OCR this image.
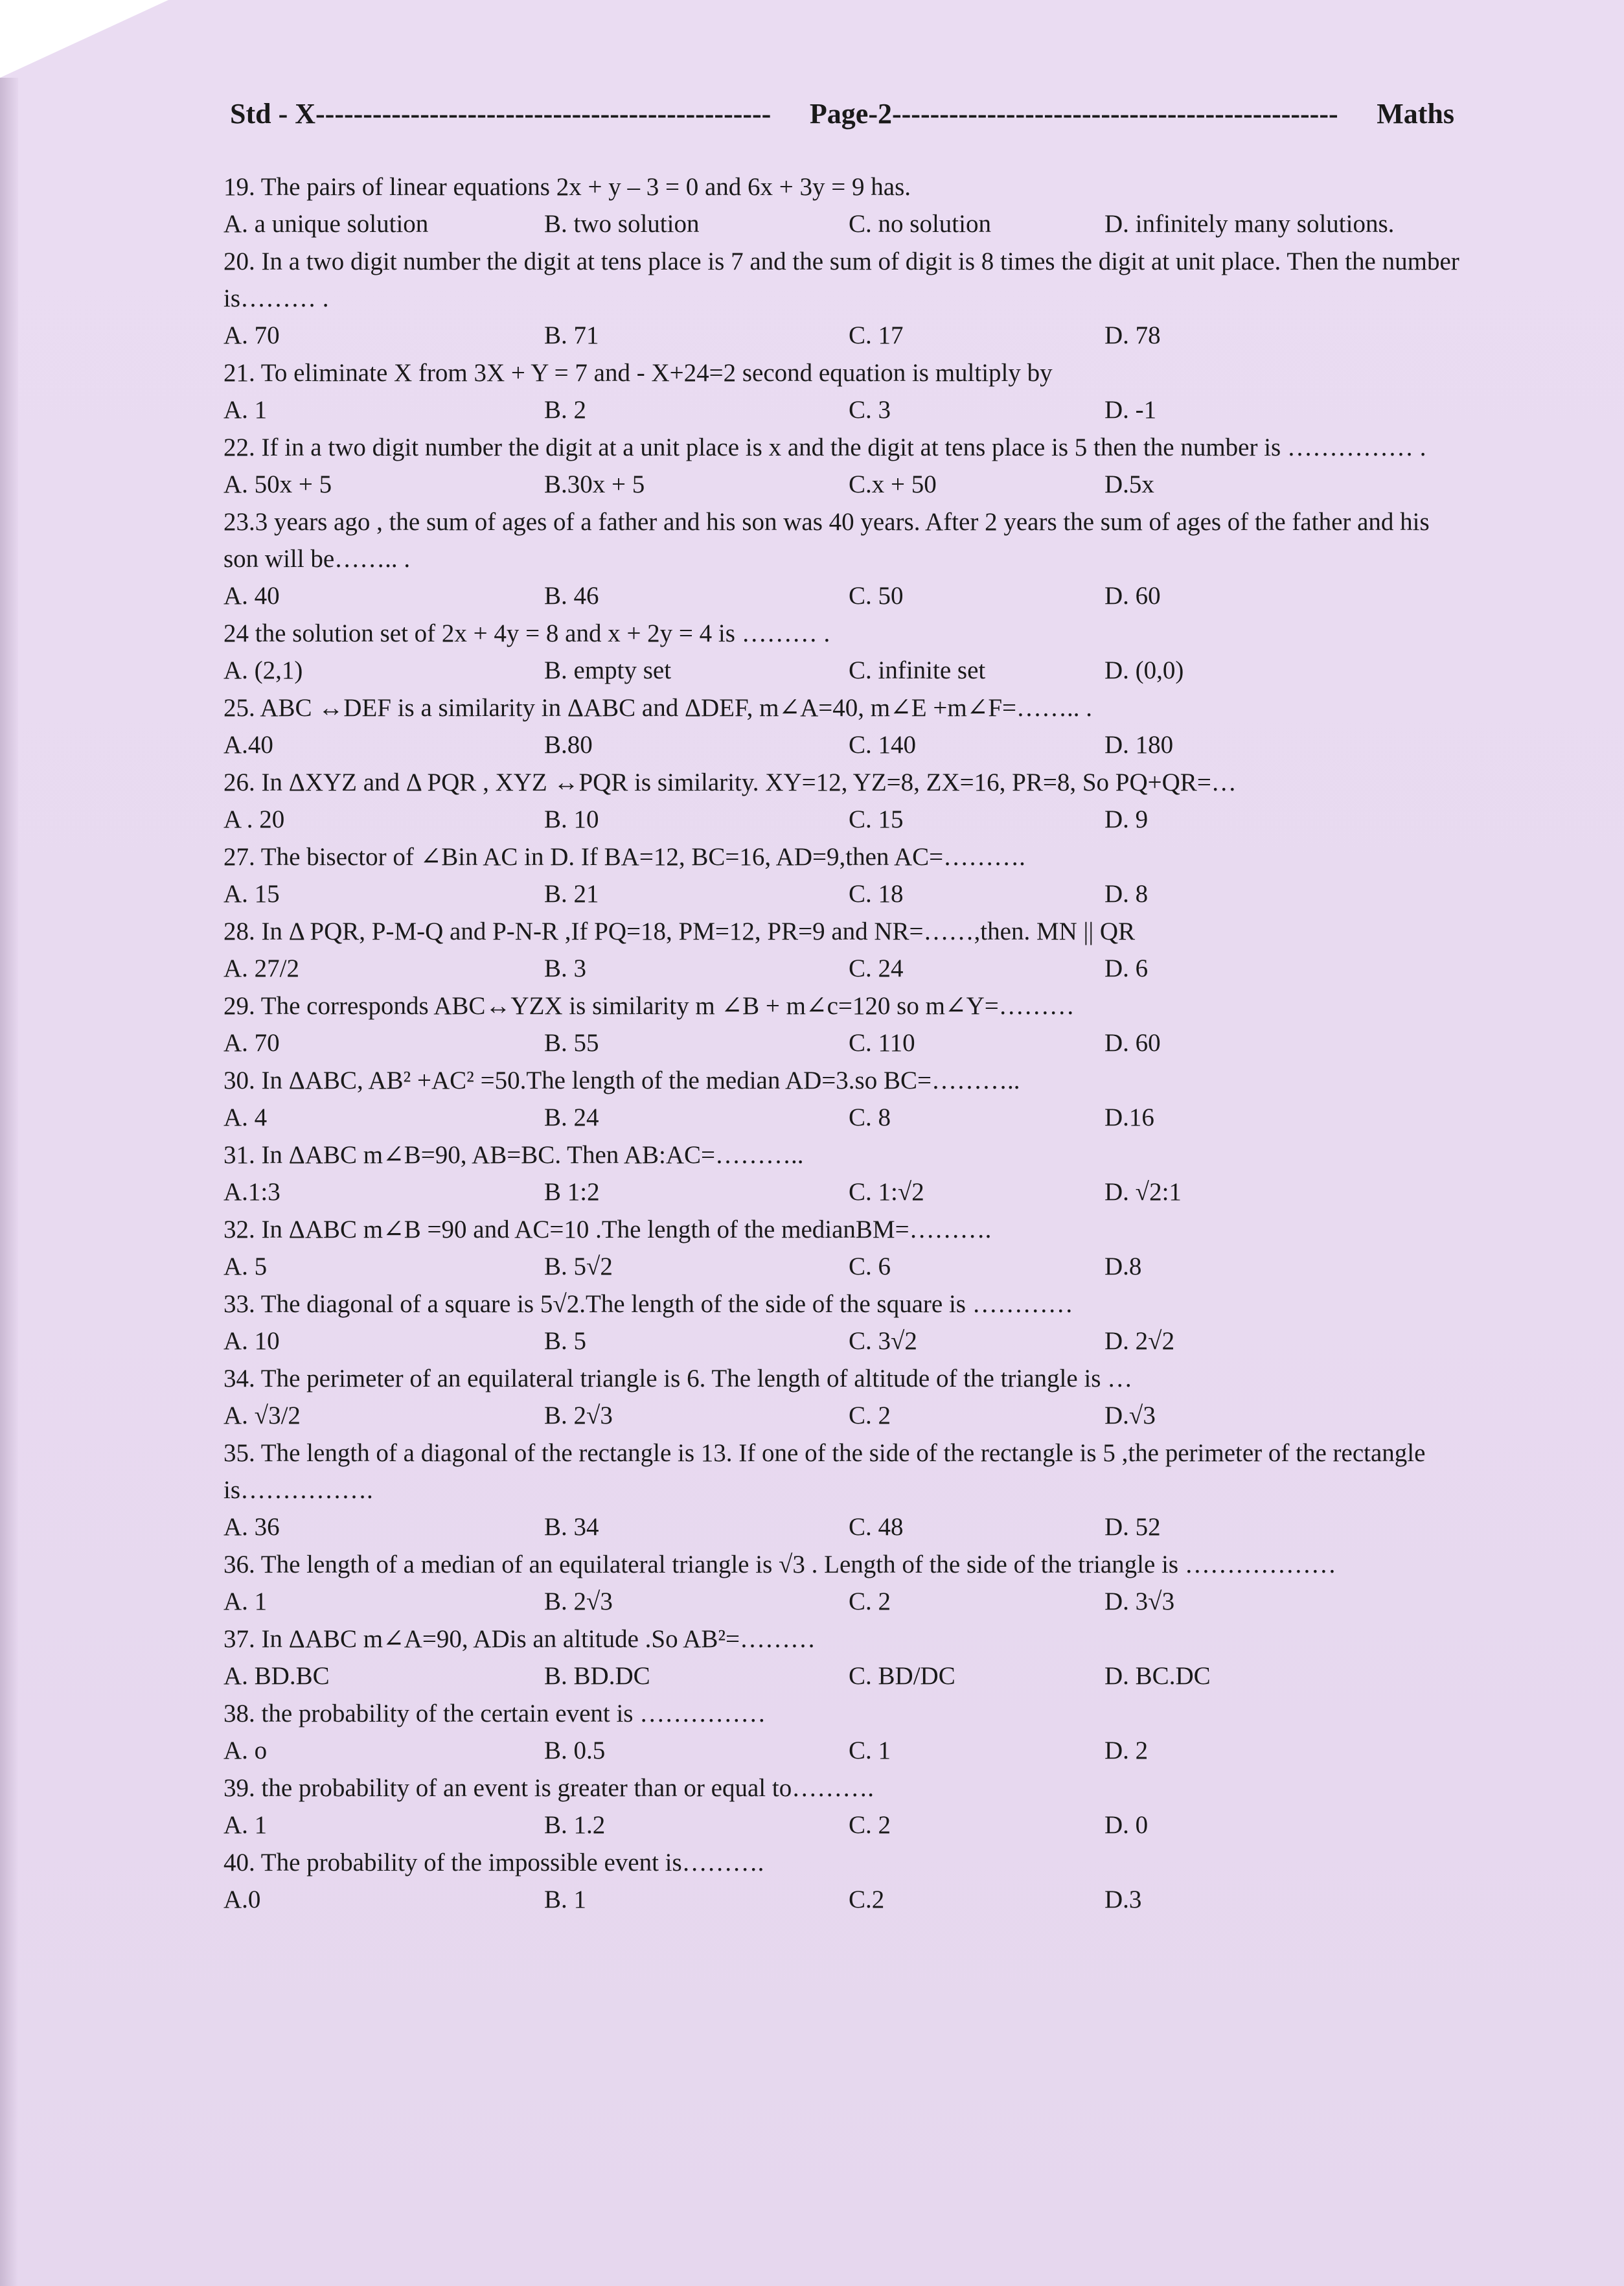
Std - X------------------------------------------------ Page-2----------------------------------------------- Maths

19. The pairs of linear equations 2x + y – 3 = 0 and 6x + 3y = 9 has.

A. a unique solution	B. two solution	C. no solution	D. infinitely many solutions.

20. In a two digit number the digit at tens place is 7 and the sum of digit is 8 times the digit at unit place. Then the number is……… .

A. 70	B. 71	C. 17	D. 78

21. To eliminate X from 3X + Y = 7 and - X+24=2 second equation is multiply by

A. 1	B. 2	C. 3	D. -1

22. If in a two digit number the digit at a unit place is x and the digit at tens place is 5 then the number is …………… .

A. 50x + 5	B.30x + 5	C.x + 50	D.5x

23.3 years ago , the sum of ages of a father and his son was 40 years. After 2 years the sum of ages of the father and his son will be…….. .

A. 40	B. 46	C. 50	D. 60

24 the solution set of 2x + 4y = 8 and x + 2y = 4 is ……… .

A. (2,1)	B. empty set	C. infinite set	D. (0,0)

25. ABC ↔DEF is a similarity in ΔABC and ΔDEF, m∠A=40, m∠E +m∠F=…….. .

A.40	B.80	C. 140	D. 180

26. In ΔXYZ and Δ PQR , XYZ ↔PQR is similarity. XY=12, YZ=8, ZX=16, PR=8, So PQ+QR=…

A . 20	B. 10	C. 15	D. 9

27. The bisector of ∠Bin AC in D. If BA=12, BC=16, AD=9,then AC=……….

A. 15	B. 21	C. 18	D. 8

28. In Δ PQR, P-M-Q and P-N-R ,If PQ=18, PM=12, PR=9 and NR=……,then. MN || QR

A. 27/2	B. 3	C. 24	D. 6

29. The corresponds ABC↔YZX is similarity m ∠B + m∠c=120 so m∠Y=………

A. 70	B. 55	C. 110	D. 60

30. In ΔABC, AB² +AC² =50.The length of the median AD=3.so BC=………..

A. 4	B. 24	C. 8	D.16

31. In ΔABC m∠B=90, AB=BC. Then AB:AC=………..

A.1:3	B 1:2	C. 1:√2	D. √2:1

32. In ΔABC m∠B =90 and AC=10 .The length of the medianBM=……….

A. 5	B. 5√2	C. 6	D.8

33. The diagonal of a square is 5√2.The length of the side of the square is …………

A. 10	B. 5	C. 3√2	D. 2√2

34. The perimeter of an equilateral triangle is 6. The length of altitude of the triangle is …

A. √3/2	B. 2√3	C. 2	D.√3

35. The length of a diagonal of the rectangle is 13. If one of the side of the rectangle is 5 ,the perimeter of the rectangle is…………….

A. 36	B. 34	C. 48	D. 52

36. The length of a median of an equilateral triangle is √3 . Length of the side of the triangle is ………………

A. 1	B. 2√3	C. 2	D. 3√3

37. In ΔABC m∠A=90, ADis an altitude .So AB²=………

A. BD.BC	B. BD.DC	C. BD/DC	D. BC.DC

38. the probability of the certain event is ……………

A. o	B. 0.5	C. 1	D. 2

39. the probability of an event is greater than or equal to……….

A. 1	B. 1.2	C. 2	D. 0

40. The probability of the impossible event is……….

A.0	B. 1	C.2	D.3
